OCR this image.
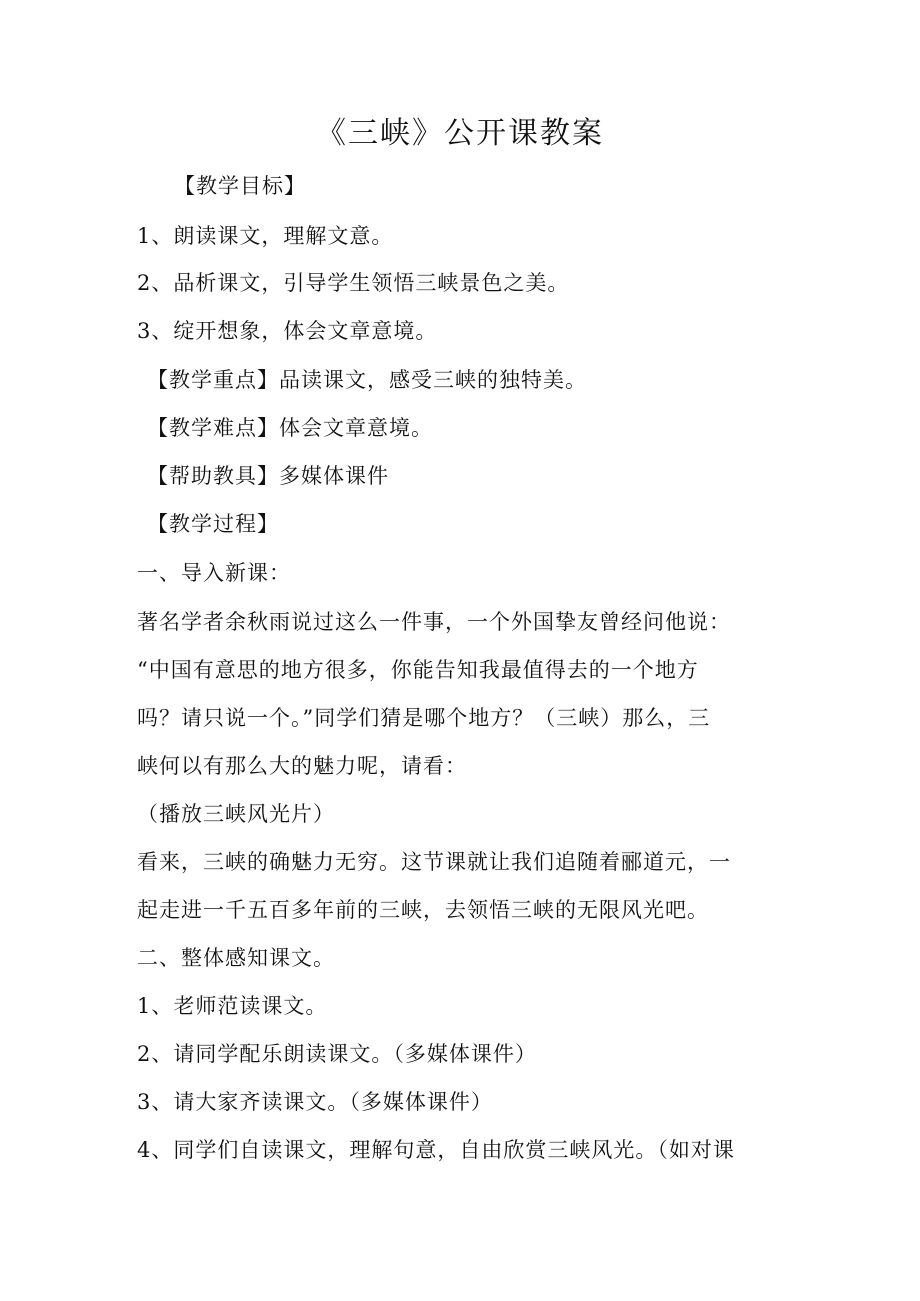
《三峡》公开课教案
【教学目标】
1、朗读课文，理解文意。
2、品析课文，引导学生领悟三峡景色之美。
3、绽开想象，体会文章意境。
【教学重点】品读课文，感受三峡的独特美。
【教学难点】体会文章意境。
【帮助教具】多媒体课件
【教学过程】
一、导入新课：
著名学者余秋雨说过这么一件事，一个外国挚友曾经问他说：
“中国有意思的地方很多，你能告知我最值得去的一个地方
吗？请只说一个。”同学们猜是哪个地方？（三峡）那么，三
峡何以有那么大的魅力呢，请看：
（播放三峡风光片）
看来，三峡的确魅力无穷。这节课就让我们追随着郦道元，一
起走进一千五百多年前的三峡，去领悟三峡的无限风光吧。
二、整体感知课文。
1、老师范读课文。
2、请同学配乐朗读课文。（多媒体课件）
3、请大家齐读课文。（多媒体课件）
4、同学们自读课文，理解句意，自由欣赏三峡风光。（如对课
